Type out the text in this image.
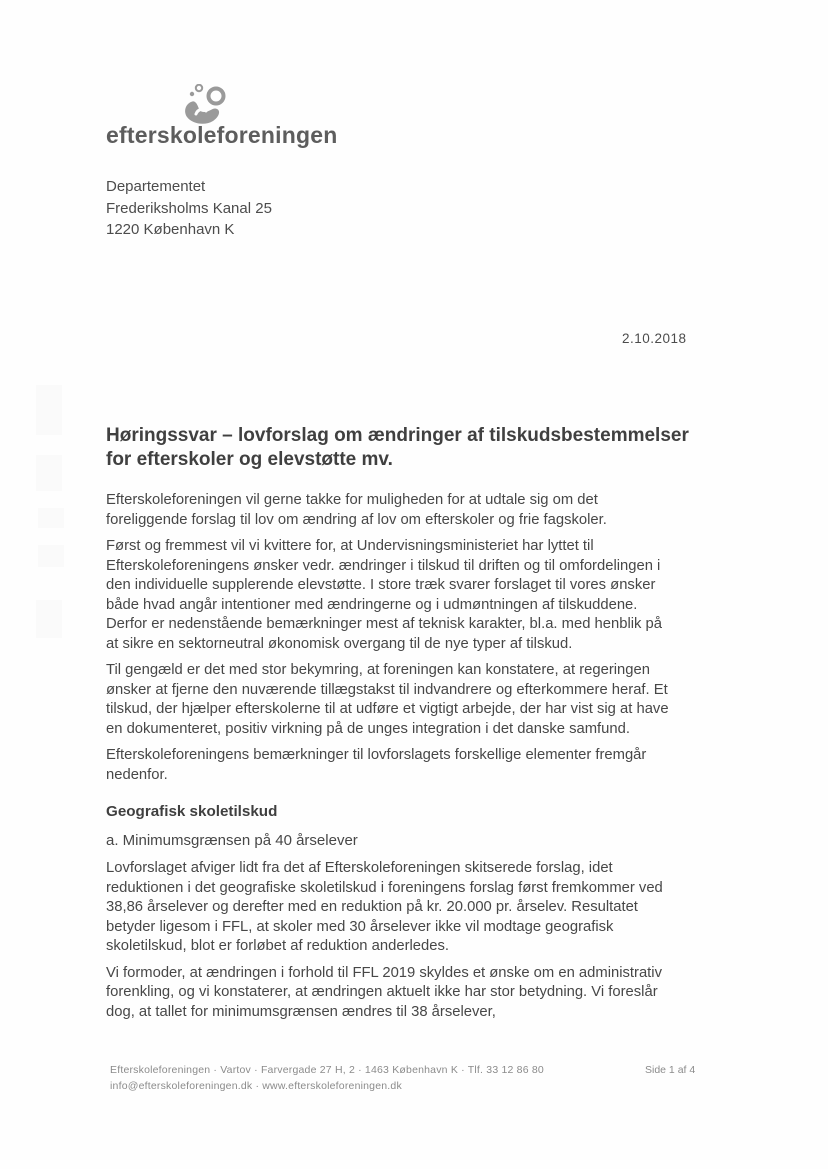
efterskoleforeningen
Departementet
Frederiksholms Kanal 25
1220 København K
2.10.2018
Høringssvar – lovforslag om ændringer af tilskudsbestemmelser for efterskoler og elevstøtte mv.

Efterskoleforeningen vil gerne takke for muligheden for at udtale sig om det foreliggende forslag til lov om ændring af lov om efterskoler og frie fagskoler.

Først og fremmest vil vi kvittere for, at Undervisningsministeriet har lyttet til Efterskoleforeningens ønsker vedr. ændringer i tilskud til driften og til omfordelingen i den individuelle supplerende elevstøtte. I store træk svarer forslaget til vores ønsker både hvad angår intentioner med ændringerne og i udmøntningen af tilskuddene. Derfor er nedenstående bemærkninger mest af teknisk karakter, bl.a. med henblik på at sikre en sektorneutral økonomisk overgang til de nye typer af tilskud.

Til gengæld er det med stor bekymring, at foreningen kan konstatere, at regeringen ønsker at fjerne den nuværende tillægstakst til indvandrere og efterkommere heraf. Et tilskud, der hjælper efterskolerne til at udføre et vigtigt arbejde, der har vist sig at have en dokumenteret, positiv virkning på de unges integration i det danske samfund.

Efterskoleforeningens bemærkninger til lovforslagets forskellige elementer fremgår nedenfor.

Geografisk skoletilskud
a. Minimumsgrænsen på 40 årselever

Lovforslaget afviger lidt fra det af Efterskoleforeningen skitserede forslag, idet reduktionen i det geografiske skoletilskud i foreningens forslag først fremkommer ved 38,86 årselever og derefter med en reduktion på kr. 20.000 pr. årselev. Resultatet betyder ligesom i FFL, at skoler med 30 årselever ikke vil modtage geografisk skoletilskud, blot er forløbet af reduktion anderledes.

Vi formoder, at ændringen i forhold til FFL 2019 skyldes et ønske om en administrativ forenkling, og vi konstaterer, at ændringen aktuelt ikke har stor betydning. Vi foreslår dog, at tallet for minimumsgrænsen ændres til 38 årselever,

Efterskoleforeningen · Vartov · Farvergade 27 H, 2 · 1463 København K · Tlf. 33 12 86 80
info@efterskoleforeningen.dk · www.efterskoleforeningen.dk
Side 1 af 4
